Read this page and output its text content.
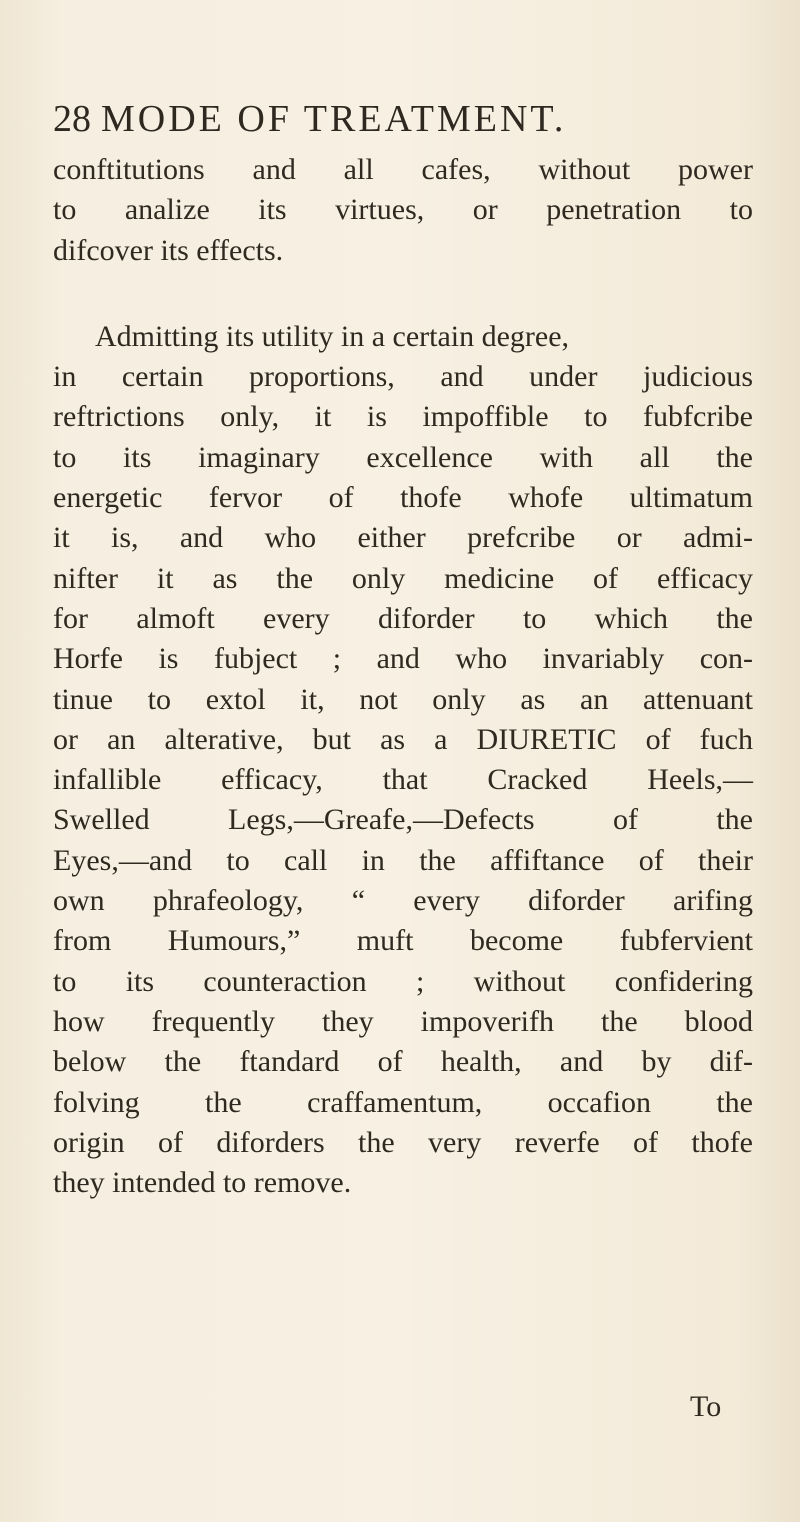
28 MODE OF TREATMENT.
conftitutions and all cafes, without power
to analize its virtues, or penetration to
difcover its effects.
Admitting its utility in a certain degree,
in certain proportions, and under judicious
reftrictions only, it is impoffible to fubfcribe
to its imaginary excellence with all the
energetic fervor of thofe whofe ultimatum
it is, and who either prefcribe or admi-
nifter it as the only medicine of efficacy
for almoft every diforder to which the
Horfe is fubject ; and who invariably con-
tinue to extol it, not only as an attenuant
or an alterative, but as a DIURETIC of fuch
infallible efficacy, that Cracked Heels,—
Swelled Legs,—Greafe,—Defects of the
Eyes,—and to call in the affiftance of their
own phrafeology, “ every diforder arifing
from Humours,” muft become fubfervient
to its counteraction ; without confidering
how frequently they impoverifh the blood
below the ftandard of health, and by dif-
folving the craffamentum, occafion the
origin of diforders the very reverfe of thofe
they intended to remove.
To
